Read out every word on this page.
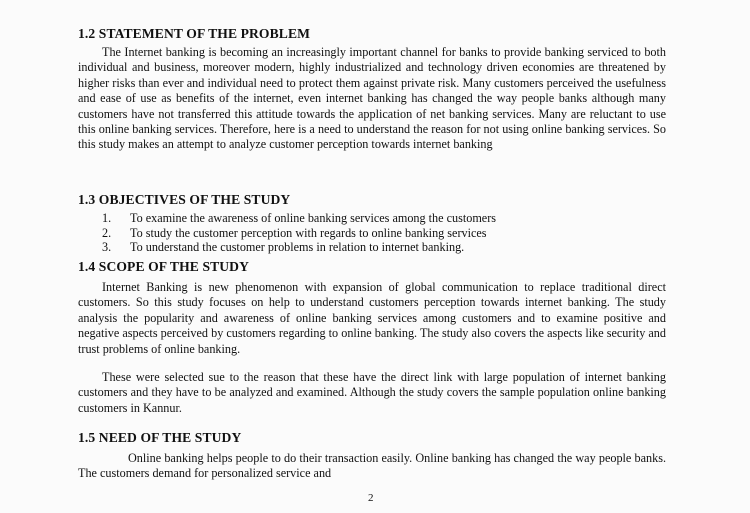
1.2 STATEMENT OF THE PROBLEM

The Internet banking is becoming an increasingly important channel for banks to provide banking serviced to both individual and business, moreover modern, highly industrialized and technology driven economies are threatened by higher risks than ever and individual need to protect them against private risk. Many customers perceived the usefulness and ease of use as benefits of the internet, even internet banking has changed the way people banks although many customers have not transferred this attitude towards the application of net banking services. Many are reluctant to use this online banking services. Therefore, here is a need to understand the reason for not using online banking services. So this study makes an attempt to analyze customer perception towards internet banking

1.3 OBJECTIVES OF THE STUDY
1.	To examine the awareness of online banking services among the customers
2.	To study the customer perception with regards to online banking services
3.	To understand the customer problems in relation to internet banking.
1.4 SCOPE OF THE STUDY

Internet Banking is new phenomenon with expansion of global communication to replace traditional direct customers. So this study focuses on help to understand customers perception towards internet banking. The study analysis the popularity and awareness of online banking services among customers and to examine positive and negative aspects perceived by customers regarding to online banking. The study also covers the aspects like security and trust problems of online banking.

These were selected sue to the reason that these have the direct link with large population of internet banking customers and they have to be analyzed and examined. Although the study covers the sample population online banking customers in Kannur.

1.5 NEED OF THE STUDY

Online banking helps people to do their transaction easily. Online banking has changed the way people banks. The customers demand for personalized service and

2
